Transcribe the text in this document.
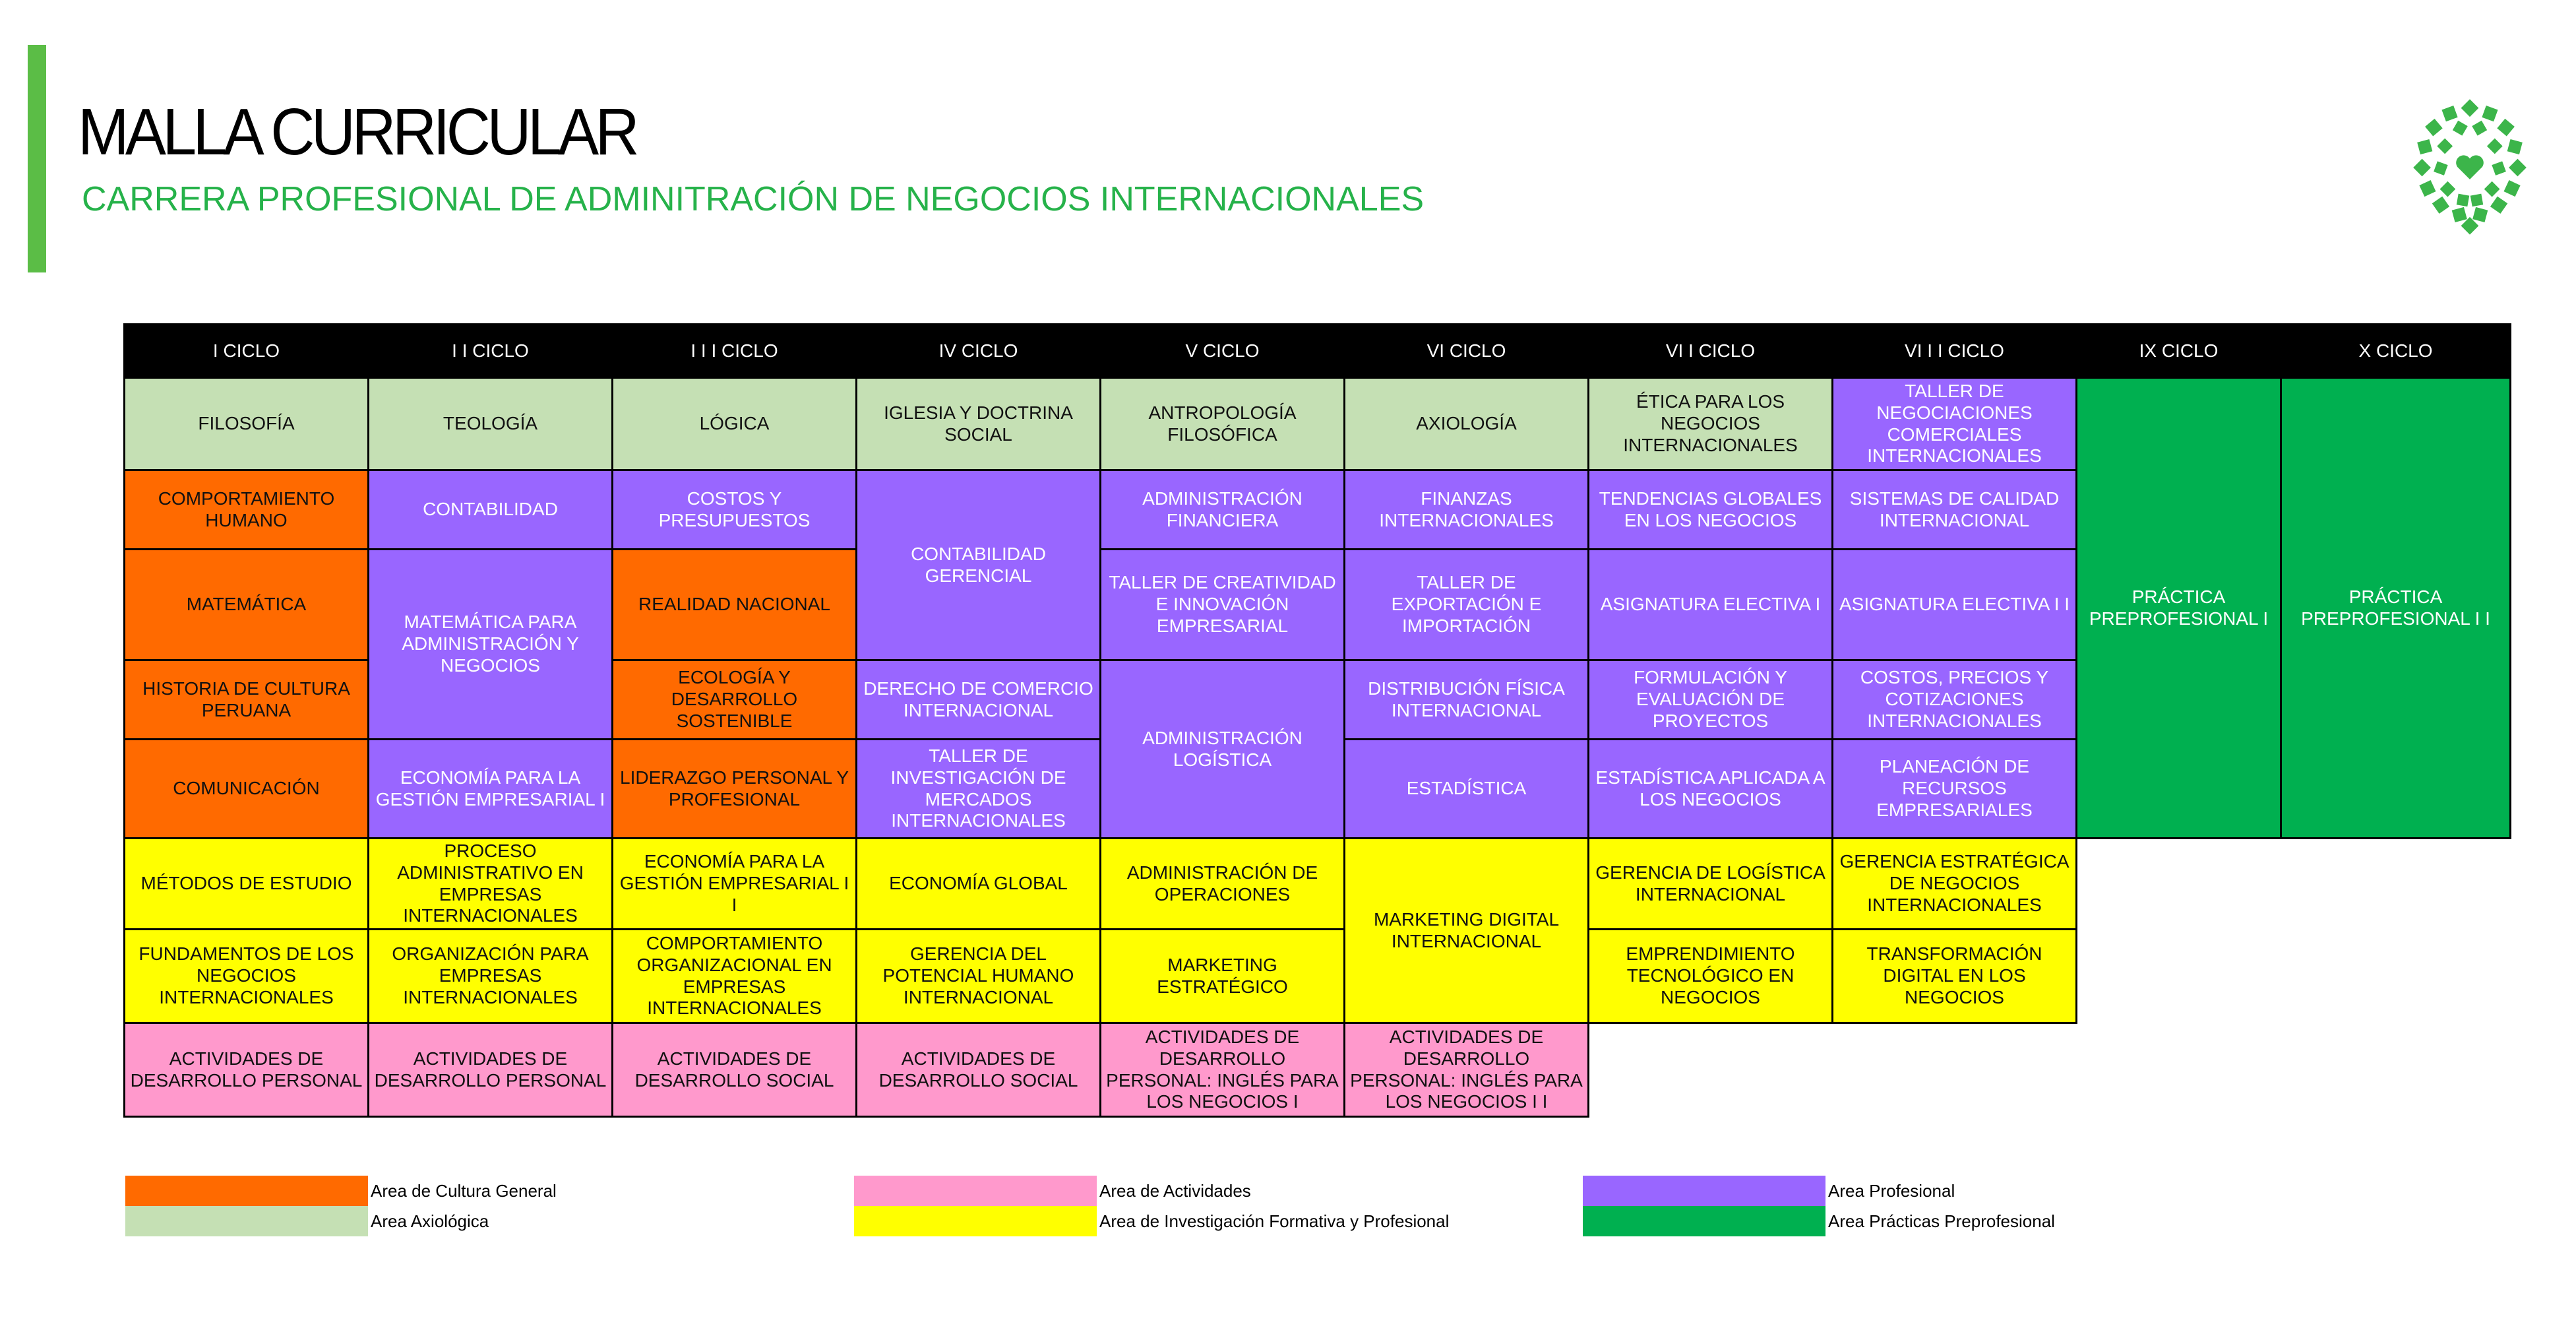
MALLA CURRICULAR
CARRERA PROFESIONAL DE ADMINITRACIÓN DE NEGOCIOS INTERNACIONALES
I CICLO	I I CICLO	I I I CICLO	IV CICLO	V CICLO	VI CICLO	VI I CICLO	VI I I CICLO	IX CICLO	X CICLO
FILOSOFÍA	TEOLOGÍA	LÓGICA	IGLESIA Y DOCTRINA SOCIAL	ANTROPOLOGÍA FILOSÓFICA	AXIOLOGÍA	ÉTICA PARA LOS NEGOCIOS INTERNACIONALES	TALLER DE NEGOCIACIONES COMERCIALES INTERNACIONALES	PRÁCTICA PREPROFESIONAL I	PRÁCTICA PREPROFESIONAL I I
COMPORTAMIENTO HUMANO	CONTABILIDAD	COSTOS Y PRESUPUESTOS	CONTABILIDAD GERENCIAL	ADMINISTRACIÓN FINANCIERA	FINANZAS INTERNACIONALES	TENDENCIAS GLOBALES EN LOS NEGOCIOS	SISTEMAS DE CALIDAD INTERNACIONAL		
MATEMÁTICA	MATEMÁTICA PARA ADMINISTRACIÓN Y NEGOCIOS	REALIDAD NACIONAL		TALLER DE CREATIVIDAD E INNOVACIÓN EMPRESARIAL	TALLER DE EXPORTACIÓN E IMPORTACIÓN	ASIGNATURA ELECTIVA I	ASIGNATURA ELECTIVA I I		
HISTORIA DE CULTURA PERUANA		ECOLOGÍA Y DESARROLLO SOSTENIBLE	DERECHO DE COMERCIO INTERNACIONAL	ADMINISTRACIÓN LOGÍSTICA	DISTRIBUCIÓN FÍSICA INTERNACIONAL	FORMULACIÓN Y EVALUACIÓN DE PROYECTOS	COSTOS, PRECIOS Y COTIZACIONES INTERNACIONALES		
COMUNICACIÓN	ECONOMÍA PARA LA GESTIÓN EMPRESARIAL I	LIDERAZGO PERSONAL Y PROFESIONAL	TALLER DE INVESTIGACIÓN DE MERCADOS INTERNACIONALES		ESTADÍSTICA	ESTADÍSTICA APLICADA A LOS NEGOCIOS	PLANEACIÓN DE RECURSOS EMPRESARIALES		
MÉTODOS DE ESTUDIO	PROCESO ADMINISTRATIVO EN EMPRESAS INTERNACIONALES	ECONOMÍA PARA LA GESTIÓN EMPRESARIAL I I	ECONOMÍA GLOBAL	ADMINISTRACIÓN DE OPERACIONES	MARKETING DIGITAL INTERNACIONAL	GERENCIA DE LOGÍSTICA INTERNACIONAL	GERENCIA ESTRATÉGICA DE NEGOCIOS INTERNACIONALES		
FUNDAMENTOS DE LOS NEGOCIOS INTERNACIONALES	ORGANIZACIÓN PARA EMPRESAS INTERNACIONALES	COMPORTAMIENTO ORGANIZACIONAL EN EMPRESAS INTERNACIONALES	GERENCIA DEL POTENCIAL HUMANO INTERNACIONAL	MARKETING ESTRATÉGICO		EMPRENDIMIENTO TECNOLÓGICO EN NEGOCIOS	TRANSFORMACIÓN DIGITAL EN LOS NEGOCIOS		
ACTIVIDADES DE DESARROLLO PERSONAL	ACTIVIDADES DE DESARROLLO PERSONAL	ACTIVIDADES DE DESARROLLO SOCIAL	ACTIVIDADES DE DESARROLLO SOCIAL	ACTIVIDADES DE DESARROLLO PERSONAL: INGLÉS PARA LOS NEGOCIOS I	ACTIVIDADES DE DESARROLLO PERSONAL: INGLÉS PARA LOS NEGOCIOS I I				
Area de Cultura General
Area Axiológica
Area de Actividades
Area de Investigación Formativa y Profesional
Area Profesional
Area Prácticas Preprofesional
